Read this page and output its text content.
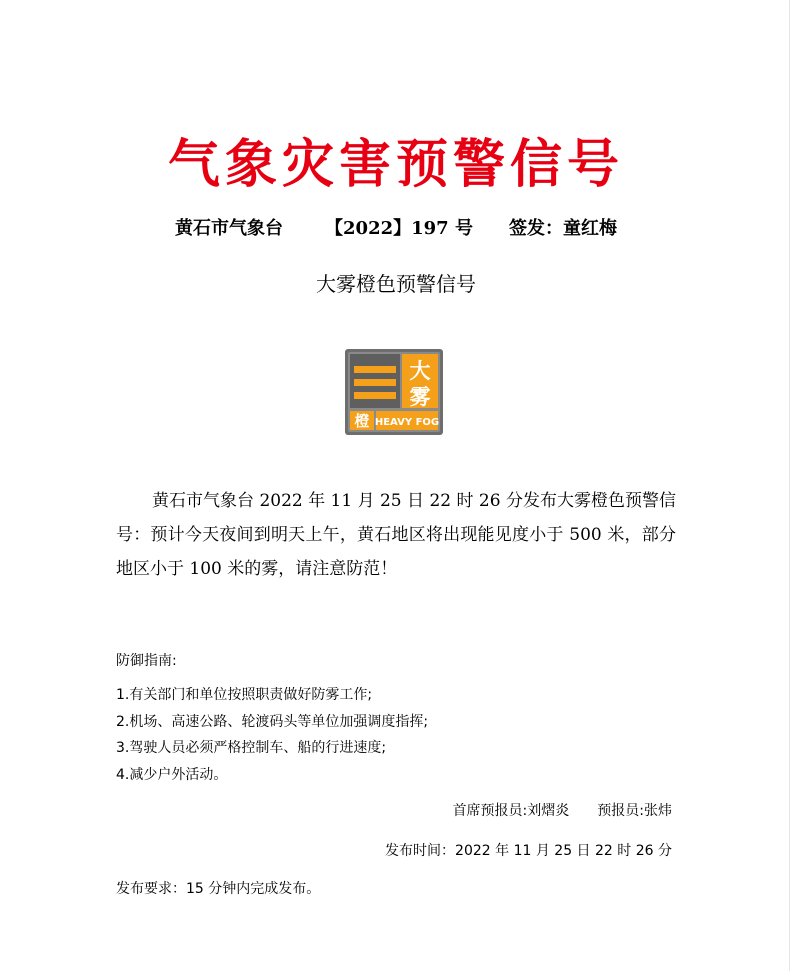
气象灾害预警信号
黄石市气象台 【2022】197 号 签发：童红梅
大雾橙色预警信号
大
雾
橙 HEAVY FOG
黄石市气象台 2022 年 11 月 25 日 22 时 26 分发布大雾橙色预警信号：预计今天夜间到明天上午，黄石地区将出现能见度小于 500 米，部分地区小于 100 米的雾，请注意防范！
防御指南:
1.有关部门和单位按照职责做好防雾工作;
2.机场、高速公路、轮渡码头等单位加强调度指挥;
3.驾驶人员必须严格控制车、船的行进速度;
4.减少户外活动。
首席预报员:刘熠炎 预报员:张炜
发布时间：2022 年 11 月 25 日 22 时 26 分
发布要求：15 分钟内完成发布。
